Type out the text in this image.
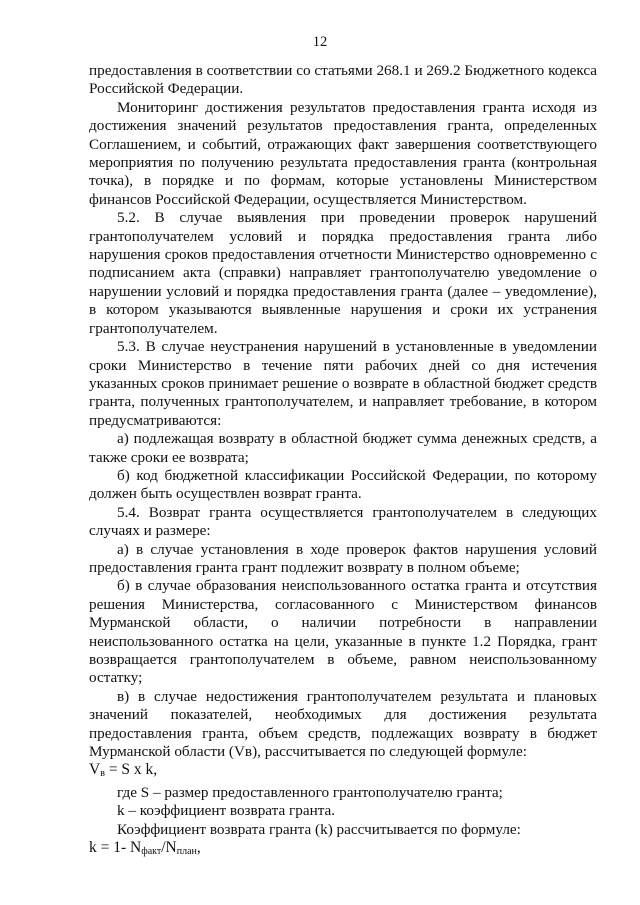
12

предоставления в соответствии со статьями 268.1 и 269.2 Бюджетного кодекса Российской Федерации.

Мониторинг достижения результатов предоставления гранта исходя из достижения значений результатов предоставления гранта, определенных Соглашением, и событий, отражающих факт завершения соответствующего мероприятия по получению результата предоставления гранта (контрольная точка), в порядке и по формам, которые установлены Министерством финансов Российской Федерации, осуществляется Министерством.

5.2. В случае выявления при проведении проверок нарушений грантополучателем условий и порядка предоставления гранта либо нарушения сроков предоставления отчетности Министерство одновременно с подписанием акта (справки) направляет грантополучателю уведомление о нарушении условий и порядка предоставления гранта (далее – уведомление), в котором указываются выявленные нарушения и сроки их устранения грантополучателем.

5.3. В случае неустранения нарушений в установленные в уведомлении сроки Министерство в течение пяти рабочих дней со дня истечения указанных сроков принимает решение о возврате в областной бюджет средств гранта, полученных грантополучателем, и направляет требование, в котором предусматриваются:

а) подлежащая возврату в областной бюджет сумма денежных средств, а также сроки ее возврата;

б) код бюджетной классификации Российской Федерации, по которому должен быть осуществлен возврат гранта.

5.4. Возврат гранта осуществляется грантополучателем в следующих случаях и размере:

а) в случае установления в ходе проверок фактов нарушения условий предоставления гранта грант подлежит возврату в полном объеме;

б) в случае образования неиспользованного остатка гранта и отсутствия решения Министерства, согласованного с Министерством финансов Мурманской области, о наличии потребности в направлении неиспользованного остатка на цели, указанные в пункте 1.2 Порядка, грант возвращается грантополучателем в объеме, равном неиспользованному остатку;

в) в случае недостижения грантополучателем результата и плановых значений показателей, необходимых для достижения результата предоставления гранта, объем средств, подлежащих возврату в бюджет Мурманской области (Vв), рассчитывается по следующей формуле:

$V_в = S$ x k,

где S – размер предоставленного грантополучателю гранта;

k – коэффициент возврата гранта.

Коэффициент возврата гранта (k) рассчитывается по формуле:

k = 1- $N_{факт}/N_{план}$,
